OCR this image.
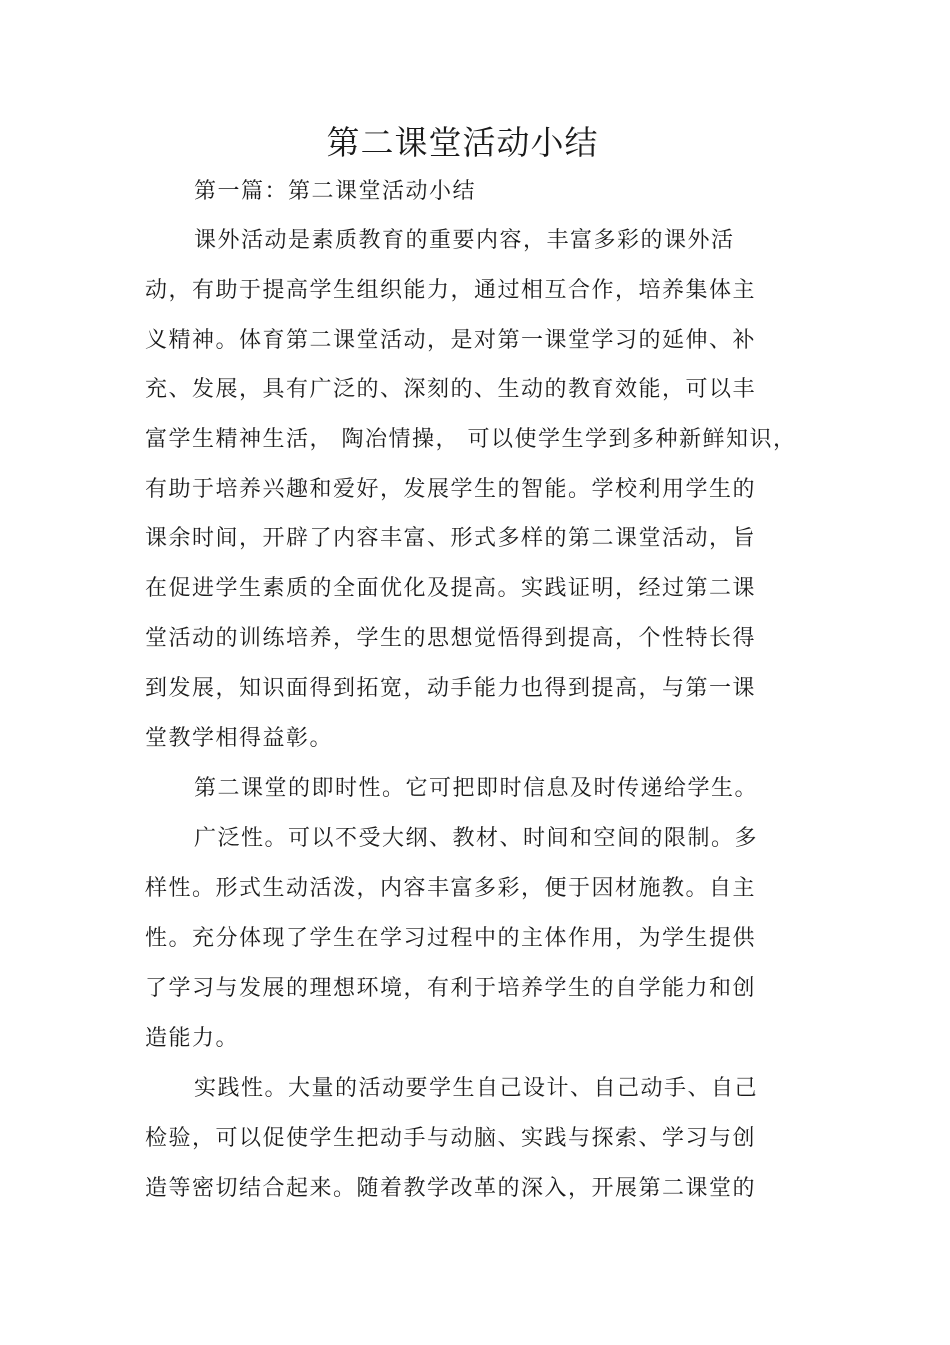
第二课堂活动小结
第一篇：第二课堂活动小结
课外活动是素质教育的重要内容，丰富多彩的课外活
动，有助于提高学生组织能力，通过相互合作，培养集体主
义精神。体育第二课堂活动，是对第一课堂学习的延伸、补
充、发展，具有广泛的、深刻的、生动的教育效能，可以丰
富学生精神生活， 陶冶情操， 可以使学生学到多种新鲜知识，
有助于培养兴趣和爱好，发展学生的智能。学校利用学生的
课余时间，开辟了内容丰富、形式多样的第二课堂活动，旨
在促进学生素质的全面优化及提高。实践证明，经过第二课
堂活动的训练培养，学生的思想觉悟得到提高，个性特长得
到发展，知识面得到拓宽，动手能力也得到提高，与第一课
堂教学相得益彰。
第二课堂的即时性。它可把即时信息及时传递给学生。
广泛性。可以不受大纲、教材、时间和空间的限制。多
样性。形式生动活泼，内容丰富多彩，便于因材施教。自主
性。充分体现了学生在学习过程中的主体作用，为学生提供
了学习与发展的理想环境，有利于培养学生的自学能力和创
造能力。
实践性。大量的活动要学生自己设计、自己动手、自己
检验，可以促使学生把动手与动脑、实践与探索、学习与创
造等密切结合起来。随着教学改革的深入，开展第二课堂的
